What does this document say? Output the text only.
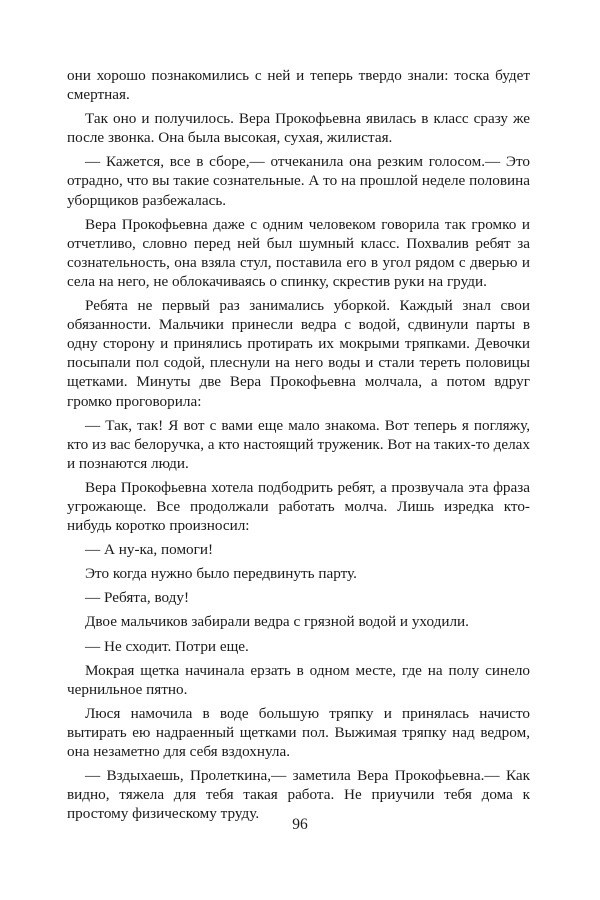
они хорошо познакомились с ней и теперь твердо знали: тоска будет смертная.

Так оно и получилось. Вера Прокофьевна явилась в класс сразу же после звонка. Она была высокая, сухая, жилистая.

— Кажется, все в сборе,— отчеканила она резким голосом.— Это отрадно, что вы такие сознательные. А то на прошлой неделе половина уборщиков разбежалась.

Вера Прокофьевна даже с одним человеком говорила так громко и отчетливо, словно перед ней был шумный класс. Похвалив ребят за сознательность, она взяла стул, поставила его в угол рядом с дверью и села на него, не облокачиваясь о спинку, скрестив руки на груди.

Ребята не первый раз занимались уборкой. Каждый знал свои обязанности. Мальчики принесли ведра с водой, сдвинули парты в одну сторону и принялись протирать их мокрыми тряпками. Девочки посыпали пол содой, плеснули на него воды и стали тереть половицы щетками. Минуты две Вера Прокофьевна молчала, а потом вдруг громко проговорила:

— Так, так! Я вот с вами еще мало знакома. Вот теперь я погляжу, кто из вас белоручка, а кто настоящий труженик. Вот на таких-то делах и познаются люди.

Вера Прокофьевна хотела подбодрить ребят, а прозвучала эта фраза угрожающе. Все продолжали работать молча. Лишь изредка кто-нибудь коротко произносил:

— А ну-ка, помоги!

Это когда нужно было передвинуть парту.

— Ребята, воду!

Двое мальчиков забирали ведра с грязной водой и уходили.

— Не сходит. Потри еще.

Мокрая щетка начинала ерзать в одном месте, где на полу синело чернильное пятно.

Люся намочила в воде большую тряпку и принялась начисто вытирать ею надраенный щетками пол. Выжимая тряпку над ведром, она незаметно для себя вздохнула.

— Вздыхаешь, Пролеткина,— заметила Вера Прокофьевна.— Как видно, тяжела для тебя такая работа. Не приучили тебя дома к простому физическому труду.

96
